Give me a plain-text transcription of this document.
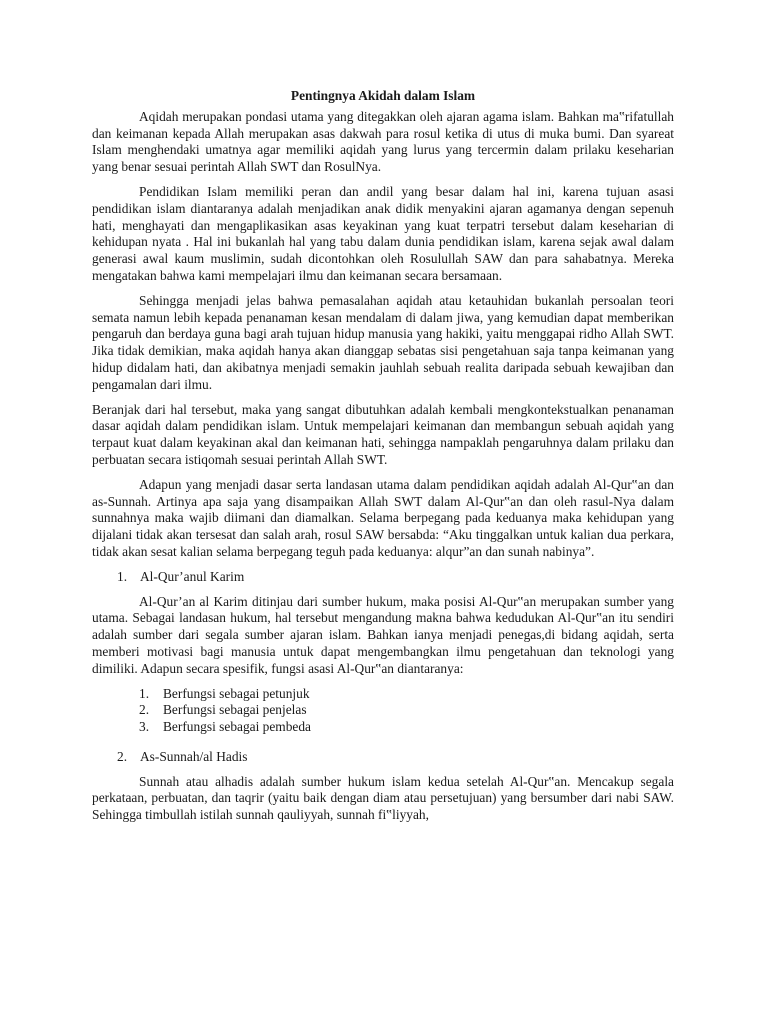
Pentingnya Akidah dalam Islam

Aqidah merupakan pondasi utama yang ditegakkan oleh ajaran agama islam. Bahkan ma‟rifatullah dan keimanan kepada Allah merupakan asas dakwah para rosul ketika di utus di muka bumi. Dan syareat Islam menghendaki umatnya agar memiliki aqidah yang lurus yang tercermin dalam prilaku keseharian yang benar sesuai perintah Allah SWT dan RosulNya.

Pendidikan Islam memiliki peran dan andil yang besar dalam hal ini, karena tujuan asasi pendidikan islam diantaranya adalah menjadikan anak didik menyakini ajaran agamanya dengan sepenuh hati, menghayati dan mengaplikasikan asas keyakinan yang kuat terpatri tersebut dalam keseharian di kehidupan nyata . Hal ini bukanlah hal yang tabu dalam dunia pendidikan islam, karena sejak awal dalam generasi awal kaum muslimin, sudah dicontohkan oleh Rosulullah SAW dan para sahabatnya. Mereka mengatakan bahwa kami mempelajari ilmu dan keimanan secara bersamaan.

Sehingga menjadi jelas bahwa pemasalahan aqidah atau ketauhidan bukanlah persoalan teori semata namun lebih kepada penanaman kesan mendalam di dalam jiwa, yang kemudian dapat memberikan pengaruh dan berdaya guna bagi arah tujuan hidup manusia yang hakiki, yaitu menggapai ridho Allah SWT. Jika tidak demikian, maka aqidah hanya akan dianggap sebatas sisi pengetahuan saja tanpa keimanan yang hidup didalam hati, dan akibatnya menjadi semakin jauhlah sebuah realita daripada sebuah kewajiban dan pengamalan dari ilmu.

Beranjak dari hal tersebut, maka yang sangat dibutuhkan adalah kembali mengkontekstualkan penanaman dasar aqidah dalam pendidikan islam. Untuk mempelajari keimanan dan membangun sebuah aqidah yang terpaut kuat dalam keyakinan akal dan keimanan hati, sehingga nampaklah pengaruhnya dalam prilaku dan perbuatan secara istiqomah sesuai perintah Allah SWT.

Adapun yang menjadi dasar serta landasan utama dalam pendidikan aqidah adalah Al-Qur‟an dan as-Sunnah. Artinya apa saja yang disampaikan Allah SWT dalam Al-Qur‟an dan oleh rasul-Nya dalam sunnahnya maka wajib diimani dan diamalkan. Selama berpegang pada keduanya maka kehidupan yang dijalani tidak akan tersesat dan salah arah, rosul SAW bersabda: “Aku tinggalkan untuk kalian dua perkara, tidak akan sesat kalian selama berpegang teguh pada keduanya: alqur”an dan sunah nabinya”.

1. Al-Qur’anul Karim

Al-Qur’an al Karim ditinjau dari sumber hukum, maka posisi Al-Qur‟an merupakan sumber yang utama. Sebagai landasan hukum, hal tersebut mengandung makna bahwa kedudukan Al-Qur‟an itu sendiri adalah sumber dari segala sumber ajaran islam. Bahkan ianya menjadi penegas,di bidang aqidah, serta memberi motivasi bagi manusia untuk dapat mengembangkan ilmu pengetahuan dan teknologi yang dimiliki. Adapun secara spesifik, fungsi asasi Al-Qur‟an diantaranya:

1.	Berfungsi sebagai petunjuk
2.	Berfungsi sebagai penjelas
3.	Berfungsi sebagai pembeda
2. As-Sunnah/al Hadis

Sunnah atau alhadis adalah sumber hukum islam kedua setelah Al-Qur‟an. Mencakup segala perkataan, perbuatan, dan taqrir (yaitu baik dengan diam atau persetujuan) yang bersumber dari nabi SAW. Sehingga timbullah istilah sunnah qauliyyah, sunnah fi‟liyyah,
